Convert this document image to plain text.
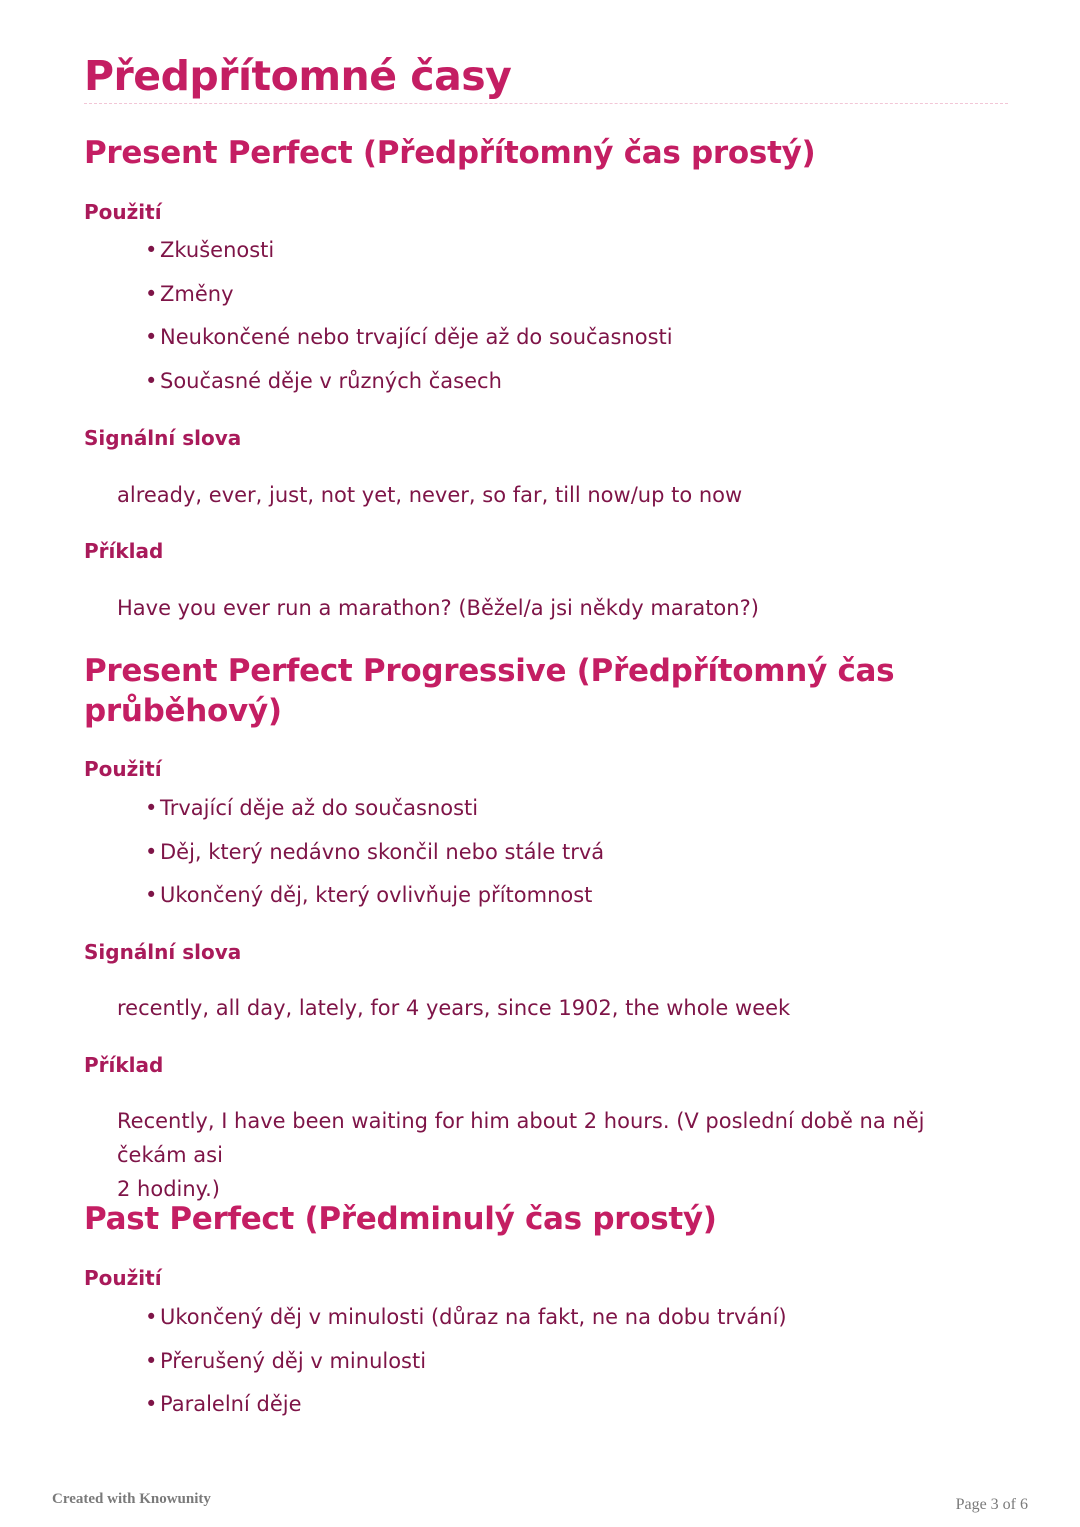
Předpřítomné časy
Present Perfect (Předpřítomný čas prostý)
Použití
• Zkušenosti
• Změny
• Neukončené nebo trvající děje až do současnosti
• Současné děje v různých časech
Signální slova

already, ever, just, not yet, never, so far, till now/up to now

Příklad

Have you ever run a marathon? (Běžel/a jsi někdy maraton?)

Present Perfect Progressive (Předpřítomný čas
průběhový)
Použití
• Trvající děje až do současnosti
• Děj, který nedávno skončil nebo stále trvá
• Ukončený děj, který ovlivňuje přítomnost
Signální slova

recently, all day, lately, for 4 years, since 1902, the whole week

Příklad

Recently, I have been waiting for him about 2 hours. (V poslední době na něj čekám asi
2 hodiny.)

Past Perfect (Předminulý čas prostý)
Použití
• Ukončený děj v minulosti (důraz na fakt, ne na dobu trvání)
• Přerušený děj v minulosti
• Paralelní děje
Created with Knowunity	Page 3 of 6
